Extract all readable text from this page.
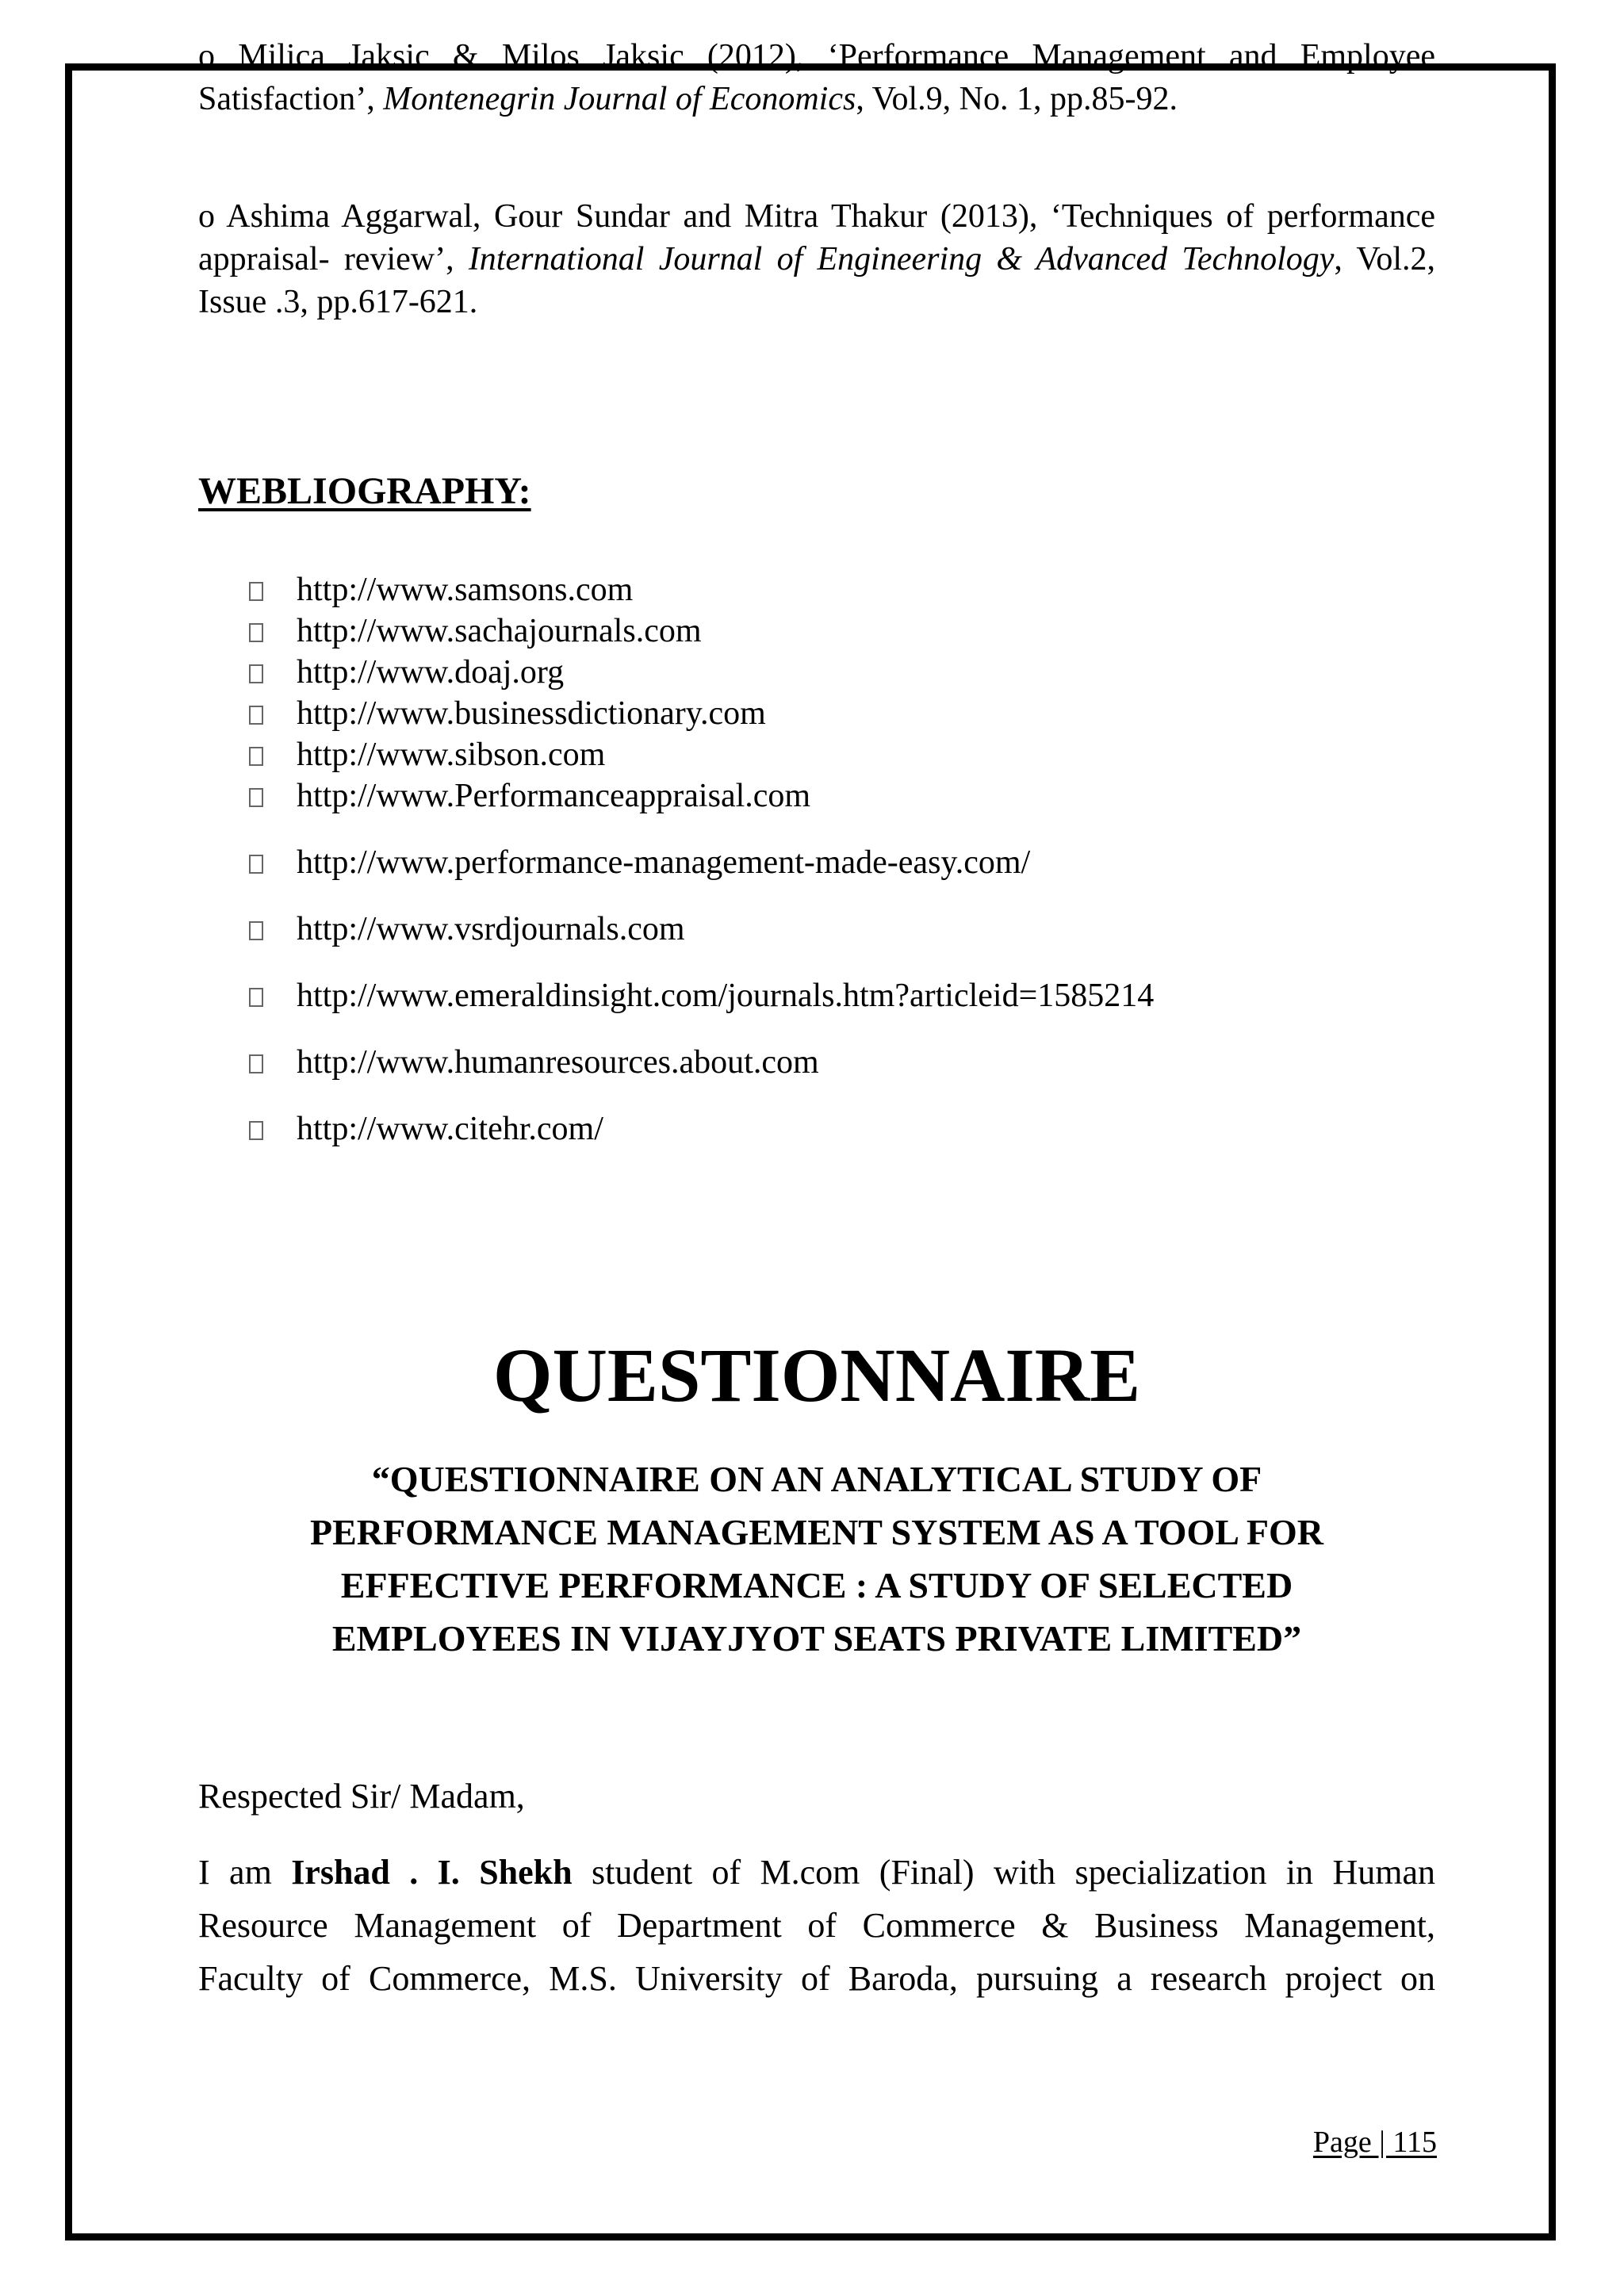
o Milica Jaksic & Milos Jaksic (2012), ‘Performance Management and Employee Satisfaction’, Montenegrin Journal of Economics, Vol.9, No. 1, pp.85-92.
o Ashima Aggarwal, Gour Sundar and Mitra Thakur (2013), ‘Techniques of performance appraisal- review’, International Journal of Engineering & Advanced Technology, Vol.2, Issue .3, pp.617-621.
WEBLIOGRAPHY:
http://www.samsons.com
http://www.sachajournals.com
http://www.doaj.org
http://www.businessdictionary.com
http://www.sibson.com
http://www.Performanceappraisal.com
http://www.performance-management-made-easy.com/
http://www.vsrdjournals.com
http://www.emeraldinsight.com/journals.htm?articleid=1585214
http://www.humanresources.about.com
http://www.citehr.com/
QUESTIONNAIRE
“QUESTIONNAIRE ON AN ANALYTICAL STUDY OF
PERFORMANCE MANAGEMENT SYSTEM AS A TOOL FOR
EFFECTIVE PERFORMANCE : A STUDY OF SELECTED
EMPLOYEES IN VIJAYJYOT SEATS PRIVATE LIMITED”
Respected Sir/ Madam,
I am Irshad . I. Shekh student of M.com (Final) with specialization in Human
Resource Management of Department of Commerce & Business Management,
Faculty of Commerce, M.S. University of Baroda, pursuing a research project on
Page | 115
